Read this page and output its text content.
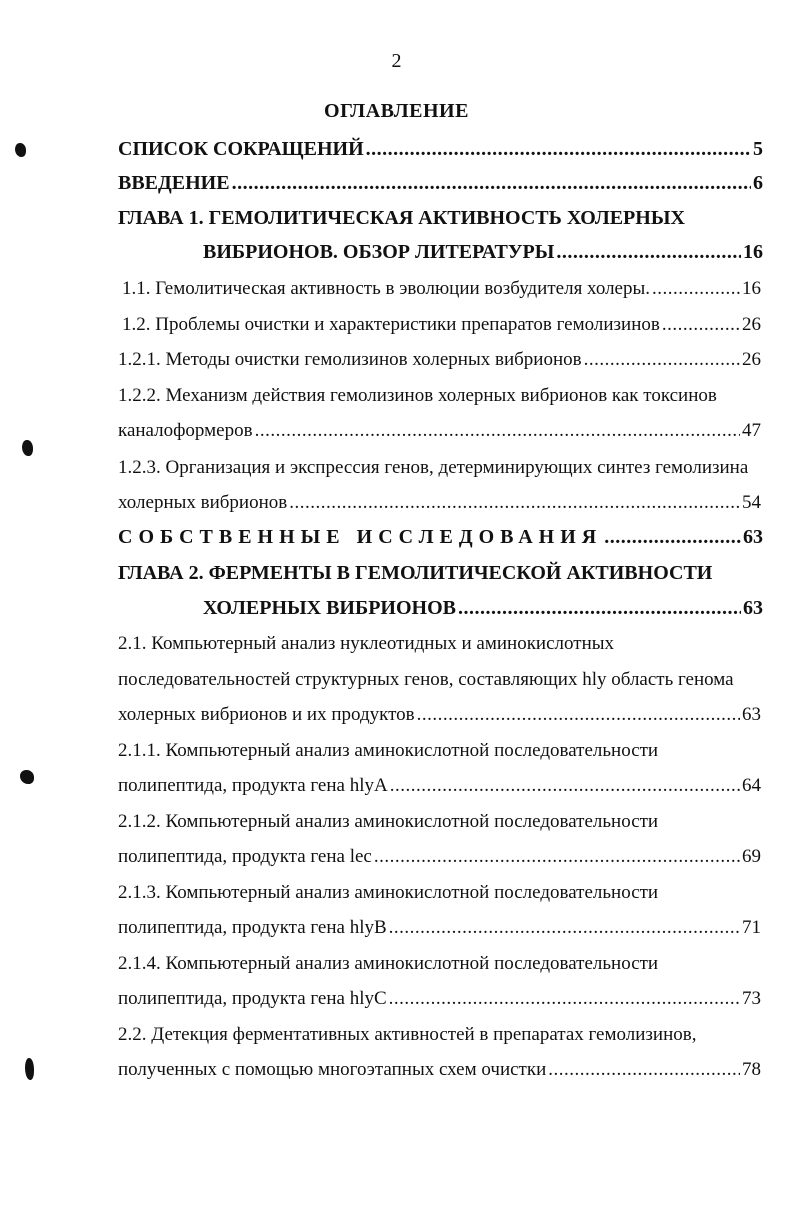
2
ОГЛАВЛЕНИЕ
СПИСОК СОКРАЩЕНИЙ .....	5
ВВЕДЕНИЕ .....	6
ГЛАВА 1. ГЕМОЛИТИЧЕСКАЯ АКТИВНОСТЬ ХОЛЕРНЫХ
ВИБРИОНОВ. ОБЗОР ЛИТЕРАТУРЫ .....	16
1.1. Гемолитическая активность в эволюции возбудителя холеры. .....	16
1.2. Проблемы очистки и характеристики препаратов гемолизинов .....	26
1.2.1. Методы очистки гемолизинов холерных вибрионов .....	26
1.2.2. Механизм действия гемолизинов холерных вибрионов как токсинов
каналоформеров .....	47
1.2.3. Организация и экспрессия генов, детерминирующих синтез гемолизина
холерных вибрионов .....	54
СОБСТВЕННЫЕ ИССЛЕДОВАНИЯ .....	63
ГЛАВА 2. ФЕРМЕНТЫ В ГЕМОЛИТИЧЕСКОЙ АКТИВНОСТИ
ХОЛЕРНЫХ ВИБРИОНОВ .....	63
2.1. Компьютерный анализ нуклеотидных и аминокислотных
последовательностей структурных генов, составляющих hly область генома
холерных вибрионов и их продуктов .....	63
2.1.1. Компьютерный анализ аминокислотной последовательности
полипептида, продукта гена hlyA .....	64
2.1.2. Компьютерный анализ аминокислотной последовательности
полипептида, продукта гена lec .....	69
2.1.3. Компьютерный анализ аминокислотной последовательности
полипептида, продукта гена hlyB .....	71
2.1.4. Компьютерный анализ аминокислотной последовательности
полипептида, продукта гена hlyC .....	73
2.2. Детекция ферментативных активностей в препаратах гемолизинов,
полученных с помощью многоэтапных схем очистки .....	78
